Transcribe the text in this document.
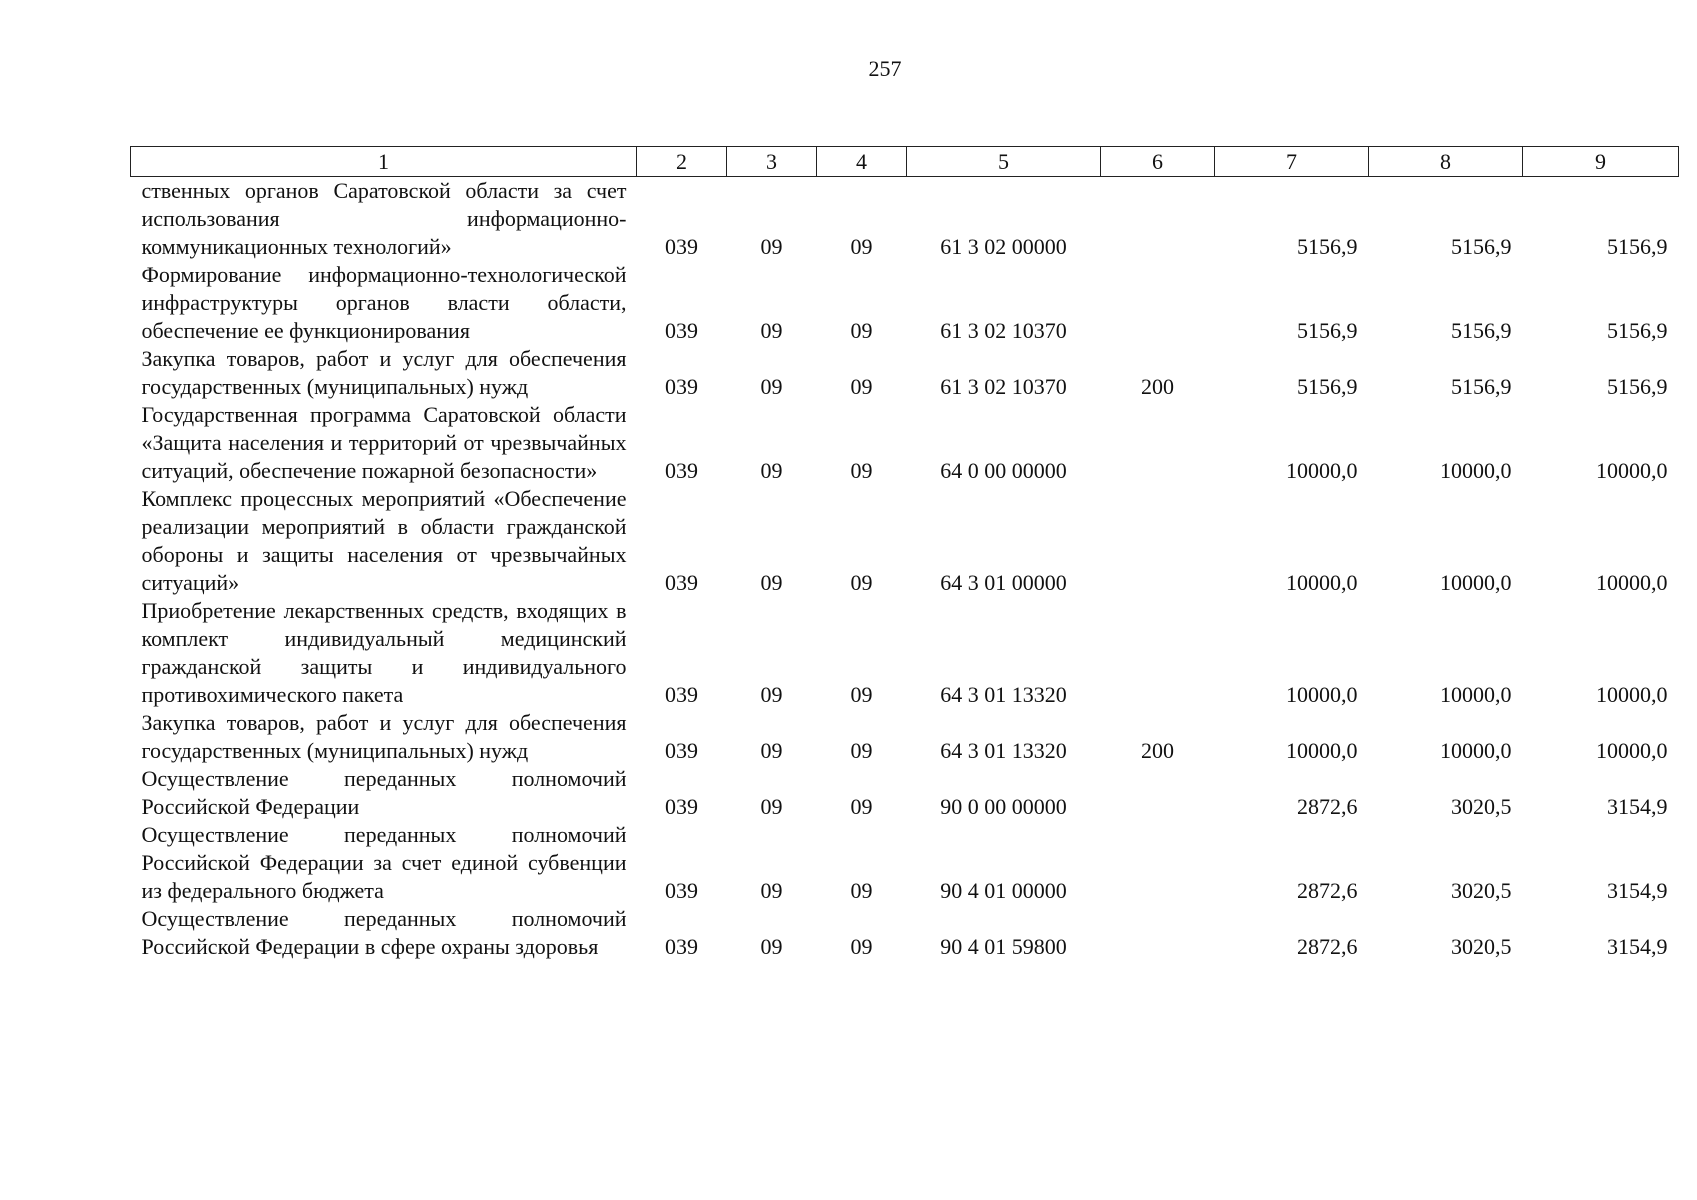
257
1	2	3	4	5	6	7	8	9
ственных органов Саратовской области за счет использования информационно-коммуникационных технологий»	039	09	09	61 3 02 00000		5156,9	5156,9	5156,9
Формирование информационно-технологической инфраструктуры органов власти области, обеспечение ее функционирования	039	09	09	61 3 02 10370		5156,9	5156,9	5156,9
Закупка товаров, работ и услуг для обеспечения государственных (муниципальных) нужд	039	09	09	61 3 02 10370	200	5156,9	5156,9	5156,9
Государственная программа Саратовской области «Защита населения и территорий от чрезвычайных ситуаций, обеспечение пожарной безопасности»	039	09	09	64 0 00 00000		10000,0	10000,0	10000,0
Комплекс процессных мероприятий «Обеспечение реализации мероприятий в области гражданской обороны и защиты населения от чрезвычайных ситуаций»	039	09	09	64 3 01 00000		10000,0	10000,0	10000,0
Приобретение лекарственных средств, входящих в комплект индивидуальный медицинский гражданской защиты и индивидуального противохимического пакета	039	09	09	64 3 01 13320		10000,0	10000,0	10000,0
Закупка товаров, работ и услуг для обеспечения государственных (муниципальных) нужд	039	09	09	64 3 01 13320	200	10000,0	10000,0	10000,0
Осуществление переданных полномочий Российской Федерации	039	09	09	90 0 00 00000		2872,6	3020,5	3154,9
Осуществление переданных полномочий Российской Федерации за счет единой субвенции из федерального бюджета	039	09	09	90 4 01 00000		2872,6	3020,5	3154,9
Осуществление переданных полномочий Российской Федерации в сфере охраны здоровья	039	09	09	90 4 01 59800		2872,6	3020,5	3154,9
